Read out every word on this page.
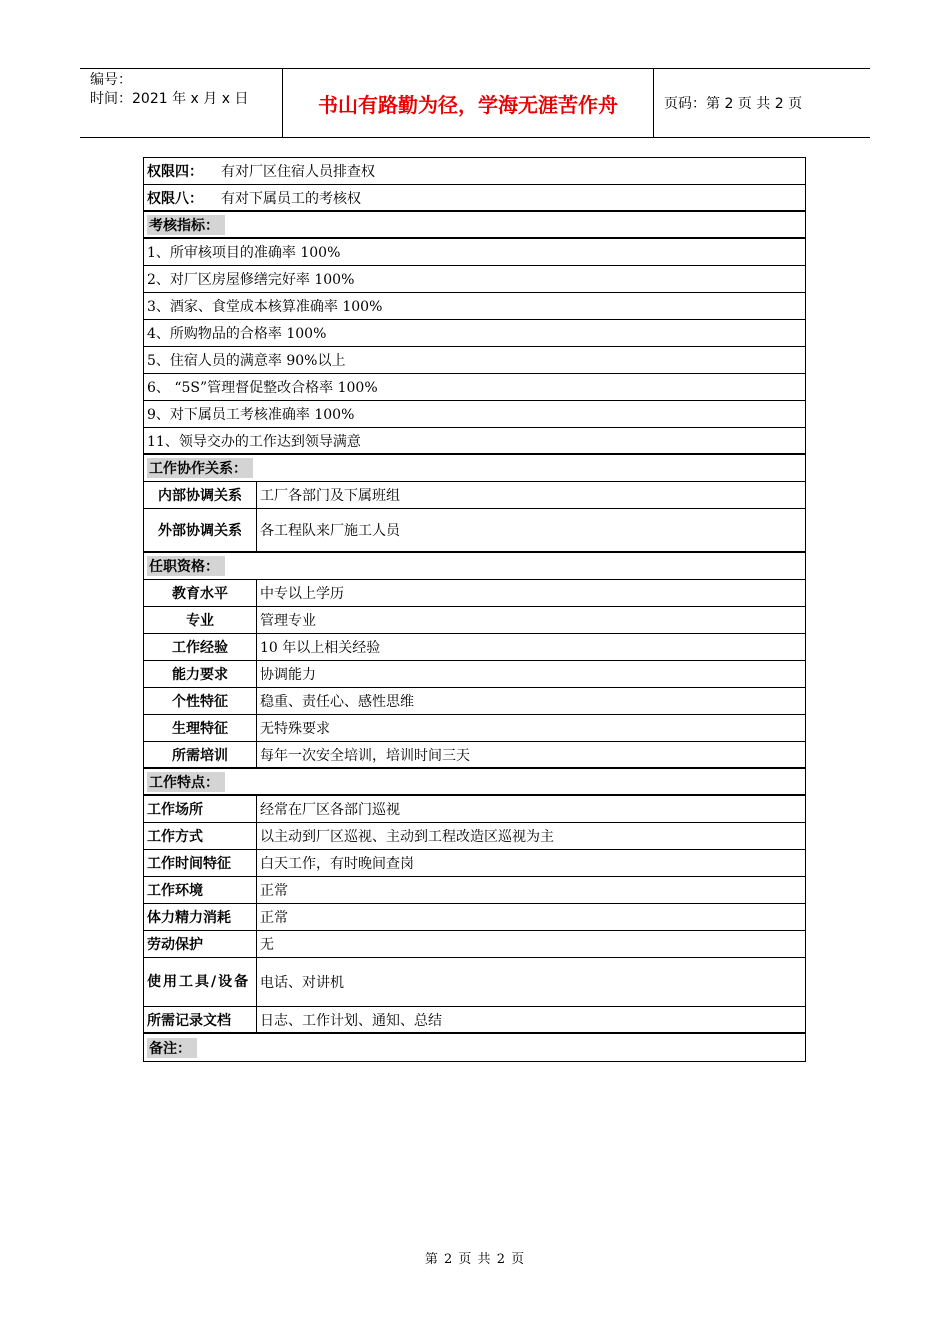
编号：
时间：2021 年 x 月 x 日	书山有路勤为径，学海无涯苦作舟	页码：第 2 页 共 2 页
权限四： 有对厂区住宿人员排查权
权限八： 有对下属员工的考核权
考核指标：
1、所审核项目的准确率 100%
2、对厂区房屋修缮完好率 100%
3、酒家、食堂成本核算准确率 100%
4、所购物品的合格率 100%
5、住宿人员的满意率 90%以上
6、 “5S”管理督促整改合格率 100%
9、对下属员工考核准确率 100%
11、领导交办的工作达到领导满意
工作协作关系：
内部协调关系	工厂各部门及下属班组
外部协调关系	各工程队来厂施工人员
任职资格：
教育水平	中专以上学历
专业	管理专业
工作经验	10 年以上相关经验
能力要求	协调能力
个性特征	稳重、责任心、感性思维
生理特征	无特殊要求
所需培训	每年一次安全培训，培训时间三天
工作特点：
工作场所	经常在厂区各部门巡视
工作方式	以主动到厂区巡视、主动到工程改造区巡视为主
工作时间特征	白天工作，有时晚间查岗
工作环境	正常
体力精力消耗	正常
劳动保护	无
使用工具/设备 电话、对讲机
所需记录文档	日志、工作计划、通知、总结
备注：
第 2 页 共 2 页
